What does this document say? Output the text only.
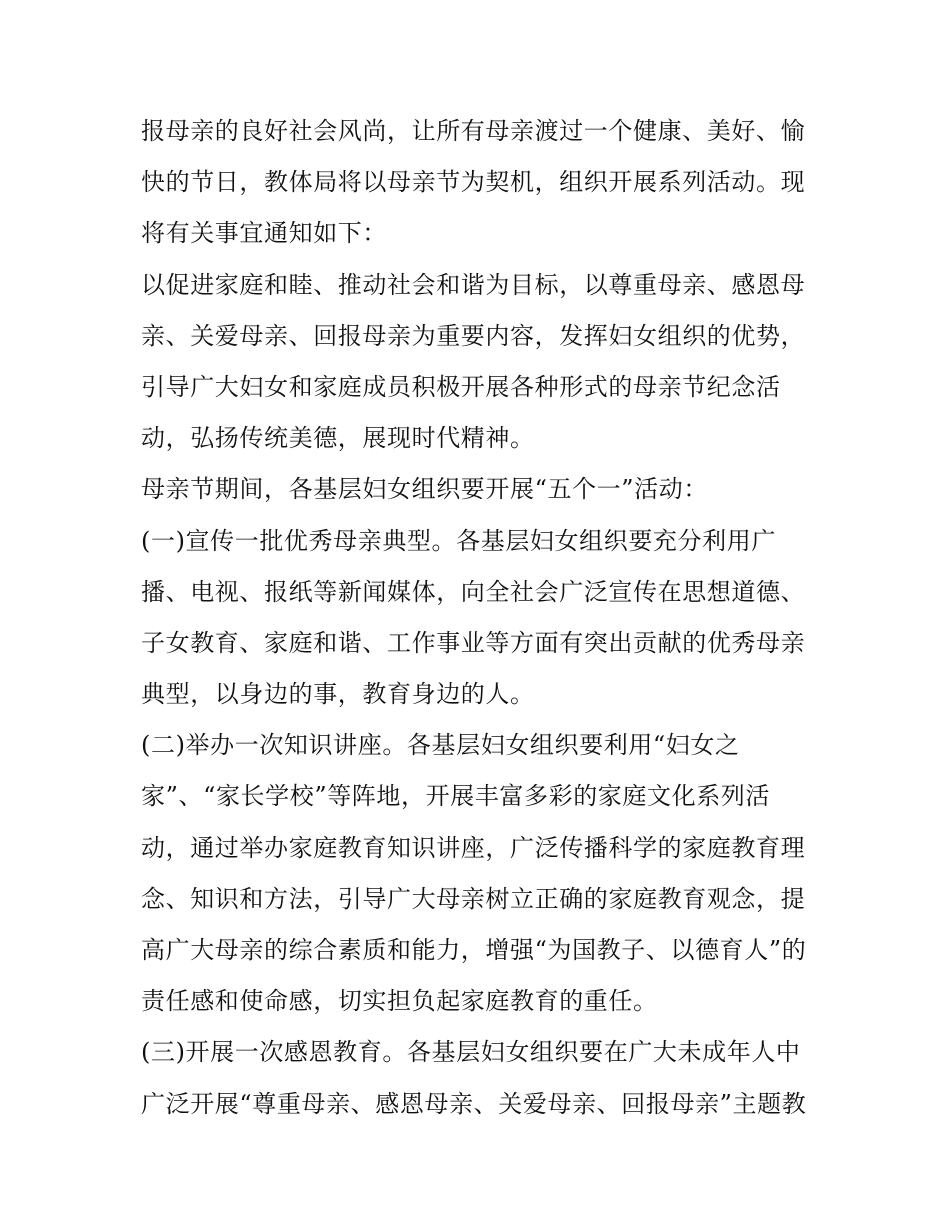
报母亲的良好社会风尚，让所有母亲渡过一个健康、美好、愉
快的节日，教体局将以母亲节为契机，组织开展系列活动。现
将有关事宜通知如下：
以促进家庭和睦、推动社会和谐为目标，以尊重母亲、感恩母
亲、关爱母亲、回报母亲为重要内容，发挥妇女组织的优势，
引导广大妇女和家庭成员积极开展各种形式的母亲节纪念活
动，弘扬传统美德，展现时代精神。
母亲节期间，各基层妇女组织要开展“五个一”活动：
(一)宣传一批优秀母亲典型。各基层妇女组织要充分利用广
播、电视、报纸等新闻媒体，向全社会广泛宣传在思想道德、
子女教育、家庭和谐、工作事业等方面有突出贡献的优秀母亲
典型，以身边的事，教育身边的人。
(二)举办一次知识讲座。各基层妇女组织要利用“妇女之
家”、“家长学校”等阵地，开展丰富多彩的家庭文化系列活
动，通过举办家庭教育知识讲座，广泛传播科学的家庭教育理
念、知识和方法，引导广大母亲树立正确的家庭教育观念，提
高广大母亲的综合素质和能力，增强“为国教子、以德育人”的
责任感和使命感，切实担负起家庭教育的重任。
(三)开展一次感恩教育。各基层妇女组织要在广大未成年人中
广泛开展“尊重母亲、感恩母亲、关爱母亲、回报母亲”主题教
